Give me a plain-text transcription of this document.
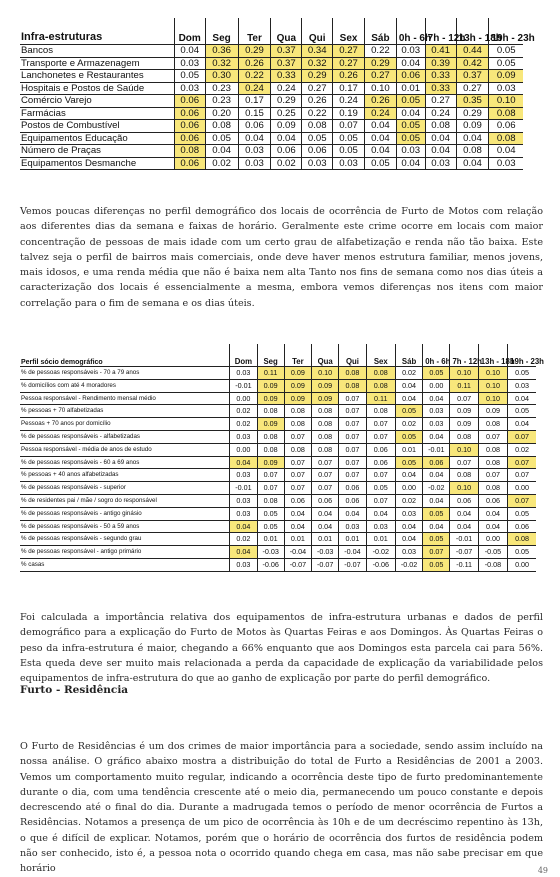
Infra-estruturas	Dom	Seg	Ter	Qua	Qui	Sex	Sáb	0h - 6h	7h - 12h	13h - 18h	19h - 23h
Bancos	0.04	0.36	0.29	0.37	0.34	0.27	0.22	0.03	0.41	0.44	0.05
Transporte e Armazenagem	0.03	0.32	0.26	0.37	0.32	0.27	0.29	0.04	0.39	0.42	0.05
Lanchonetes e Restaurantes	0.05	0.30	0.22	0.33	0.29	0.26	0.27	0.06	0.33	0.37	0.09
Hospitais e Postos de Saúde	0.03	0.23	0.24	0.24	0.27	0.17	0.10	0.01	0.33	0.27	0.03
Comércio Varejo	0.06	0.23	0.17	0.29	0.26	0.24	0.26	0.05	0.27	0.35	0.10
Farmácias	0.06	0.20	0.15	0.25	0.22	0.19	0.24	0.04	0.24	0.29	0.08
Postos de Combustível	0.06	0.08	0.06	0.09	0.08	0.07	0.04	0.05	0.08	0.09	0.06
Equipamentos Educação	0.06	0.05	0.04	0.04	0.05	0.05	0.04	0.05	0.04	0.04	0.08
Número de Praças	0.08	0.04	0.03	0.06	0.06	0.05	0.04	0.03	0.04	0.08	0.04
Equipamentos Desmanche	0.06	0.02	0.03	0.02	0.03	0.03	0.05	0.04	0.03	0.04	0.03

Vemos poucas diferenças no perfil demográfico dos locais de ocorrência de Furto de Motos com relação aos diferentes dias da semana e faixas de horário. Geralmente este crime ocorre em locais com maior concentração de pessoas de mais idade com um certo grau de alfabetização e renda não tão baixa. Este talvez seja o perfil de bairros mais comerciais, onde deve haver menos estrutura familiar, menos jovens, mais idosos, e uma renda média que não é baixa nem alta Tanto nos fins de semana como nos dias úteis a caracterização dos locais é essencialmente a mesma, embora vemos diferenças nos itens com maior correlação para o fim de semana e os dias úteis.

Perfil sócio demográfico	Dom	Seg	Ter	Qua	Qui	Sex	Sáb	0h - 6h	7h - 12h	13h - 18h	19h - 23h
% de pessoas responsáveis - 70 a 79 anos	0.03	0.11	0.09	0.10	0.08	0.08	0.02	0.05	0.10	0.10	0.05
% domicílios com até 4 moradores	-0.01	0.09	0.09	0.09	0.08	0.08	0.04	0.00	0.11	0.10	0.03
Pessoa responsável - Rendimento mensal médio	0.00	0.09	0.09	0.09	0.07	0.11	0.04	0.04	0.07	0.10	0.04
% pessoas + 70 alfabetizadas	0.02	0.08	0.08	0.08	0.07	0.08	0.05	0.03	0.09	0.09	0.05
Pessoas + 70 anos por domicílio	0.02	0.09	0.08	0.08	0.07	0.07	0.02	0.03	0.09	0.08	0.04
% de pessoas responsáveis - alfabetizadas	0.03	0.08	0.07	0.08	0.07	0.07	0.05	0.04	0.08	0.07	0.07
Pessoa responsável - média de anos de estudo	0.00	0.08	0.08	0.08	0.07	0.06	0.01	-0.01	0.10	0.08	0.02
% de pessoas responsáveis - 60 a 69 anos	0.04	0.09	0.07	0.07	0.07	0.06	0.05	0.06	0.07	0.08	0.07
% pessoas + 40 anos alfabetizadas	0.03	0.07	0.07	0.07	0.07	0.07	0.04	0.04	0.08	0.07	0.07
% de pessoas responsáveis - superior	-0.01	0.07	0.07	0.07	0.06	0.05	0.00	-0.02	0.10	0.08	0.00
% de residentes pai / mãe / sogro do responsável	0.03	0.08	0.06	0.06	0.06	0.07	0.02	0.04	0.06	0.06	0.07
% de pessoas responsáveis - antigo ginásio	0.03	0.05	0.04	0.04	0.04	0.04	0.03	0.05	0.04	0.04	0.05
% de pessoas responsáveis - 50 a 59 anos	0.04	0.05	0.04	0.04	0.03	0.03	0.04	0.04	0.04	0.04	0.06
% de pessoas responsáveis - segundo grau	0.02	0.01	0.01	0.01	0.01	0.01	0.04	0.05	-0.01	0.00	0.08
% de pessoas responsável - antigo primário	0.04	-0.03	-0.04	-0.03	-0.04	-0.02	0.03	0.07	-0.07	-0.05	0.05
% casas	0.03	-0.06	-0.07	-0.07	-0.07	-0.06	-0.02	0.05	-0.11	-0.08	0.00

Foi calculada a importância relativa dos equipamentos de infra-estrutura urbanas e dados de perfil demográfico para a explicação do Furto de Motos às Quartas Feiras e aos Domingos. Às Quartas Feiras o peso da infra-estrutura é maior, chegando a 66% enquanto que aos Domingos esta parcela cai para 56%. Esta queda deve ser muito mais relacionada a perda da capacidade de explicação da variabilidade pelos equipamentos de infra-estrutura do que ao ganho de explicação por parte do perfil demográfico.

Furto - Residência

O Furto de Residências é um dos crimes de maior importância para a sociedade, sendo assim incluído na nossa análise. O gráfico abaixo mostra a distribuição do total de Furto a Residências de 2001 a 2003. Vemos um comportamento muito regular, indicando a ocorrência deste tipo de furto predominantemente durante o dia, com uma tendência crescente até o meio dia, permanecendo um pouco constante e depois decrescendo até o final do dia. Durante a madrugada temos o período de menor ocorrência de Furtos a Residências. Notamos a presença de um pico de ocorrência às 10h e de um decréscimo repentino às 13h, o que é difícil de explicar. Notamos, porém que o horário de ocorrência dos furtos de residência podem não ser conhecido, isto é, a pessoa nota o ocorrido quando chega em casa, mas não sabe precisar em que horário	49
